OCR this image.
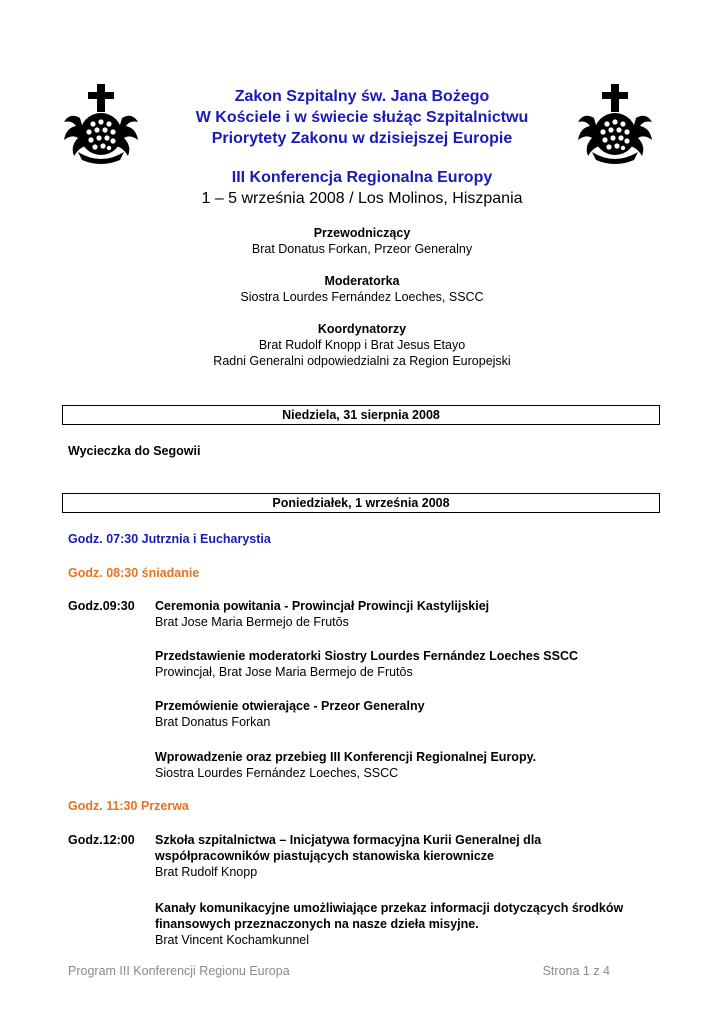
Zakon Szpitalny św. Jana Bożego
W Kościele i w świecie służąc Szpitalnictwu
Priorytety Zakonu w dzisiejszej Europie
III Konferencja Regionalna Europy
1 – 5 września 2008 / Los Molinos, Hiszpania
Przewodniczący
Brat Donatus Forkan, Przeor Generalny
Moderatorka
Siostra Lourdes Fernández Loeches, SSCC
Koordynatorzy
Brat Rudolf Knopp i Brat Jesus Etayo
Radni Generalni odpowiedzialni za Region Europejski
Niedziela, 31 sierpnia 2008
Wycieczka do Segowii
Poniedziałek, 1 września 2008
Godz. 07:30 Jutrznia i Eucharystia
Godz. 08:30 śniadanie
Godz.09:30 Ceremonia powitania - Prowincjał Prowincji Kastylijskiej
Brat Jose Maria Bermejo de Frutōs
Przedstawienie moderatorki Siostry Lourdes Fernández Loeches SSCC
Prowincjał, Brat Jose Maria Bermejo de Frutōs
Przemówienie otwierające - Przeor Generalny
Brat Donatus Forkan
Wprowadzenie oraz przebieg III Konferencji Regionalnej Europy.
Siostra Lourdes Fernández Loeches, SSCC
Godz. 11:30 Przerwa
Godz.12:00 Szkoła szpitalnictwa – Inicjatywa formacyjna Kurii Generalnej dla współpracowników piastujących stanowiska kierownicze
Brat Rudolf Knopp
Kanały komunikacyjne umożliwiające przekaz informacji dotyczących środków finansowych przeznaczonych na nasze dzieła misyjne.
Brat Vincent Kochamkunnel
Program III Konferencji Regionu Europa	Strona 1 z 4
